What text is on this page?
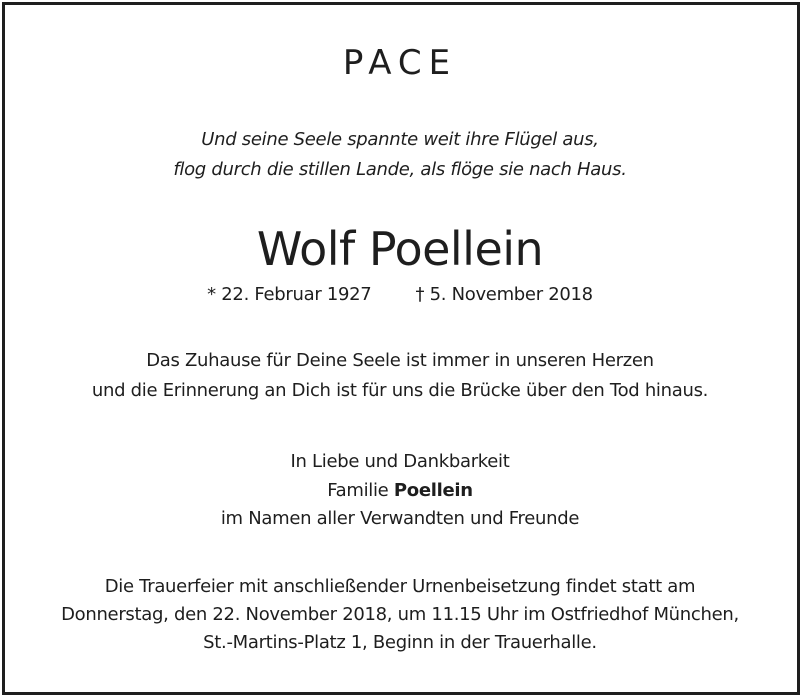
PACE
Und seine Seele spannte weit ihre Flügel aus,
flog durch die stillen Lande, als flöge sie nach Haus.
Wolf Poellein
* 22. Februar 1927 † 5. November 2018
Das Zuhause für Deine Seele ist immer in unseren Herzen
und die Erinnerung an Dich ist für uns die Brücke über den Tod hinaus.
In Liebe und Dankbarkeit
Familie Poellein
im Namen aller Verwandten und Freunde
Die Trauerfeier mit anschließender Urnenbeisetzung findet statt am
Donnerstag, den 22. November 2018, um 11.15 Uhr im Ostfriedhof München,
St.-Martins-Platz 1, Beginn in der Trauerhalle.
